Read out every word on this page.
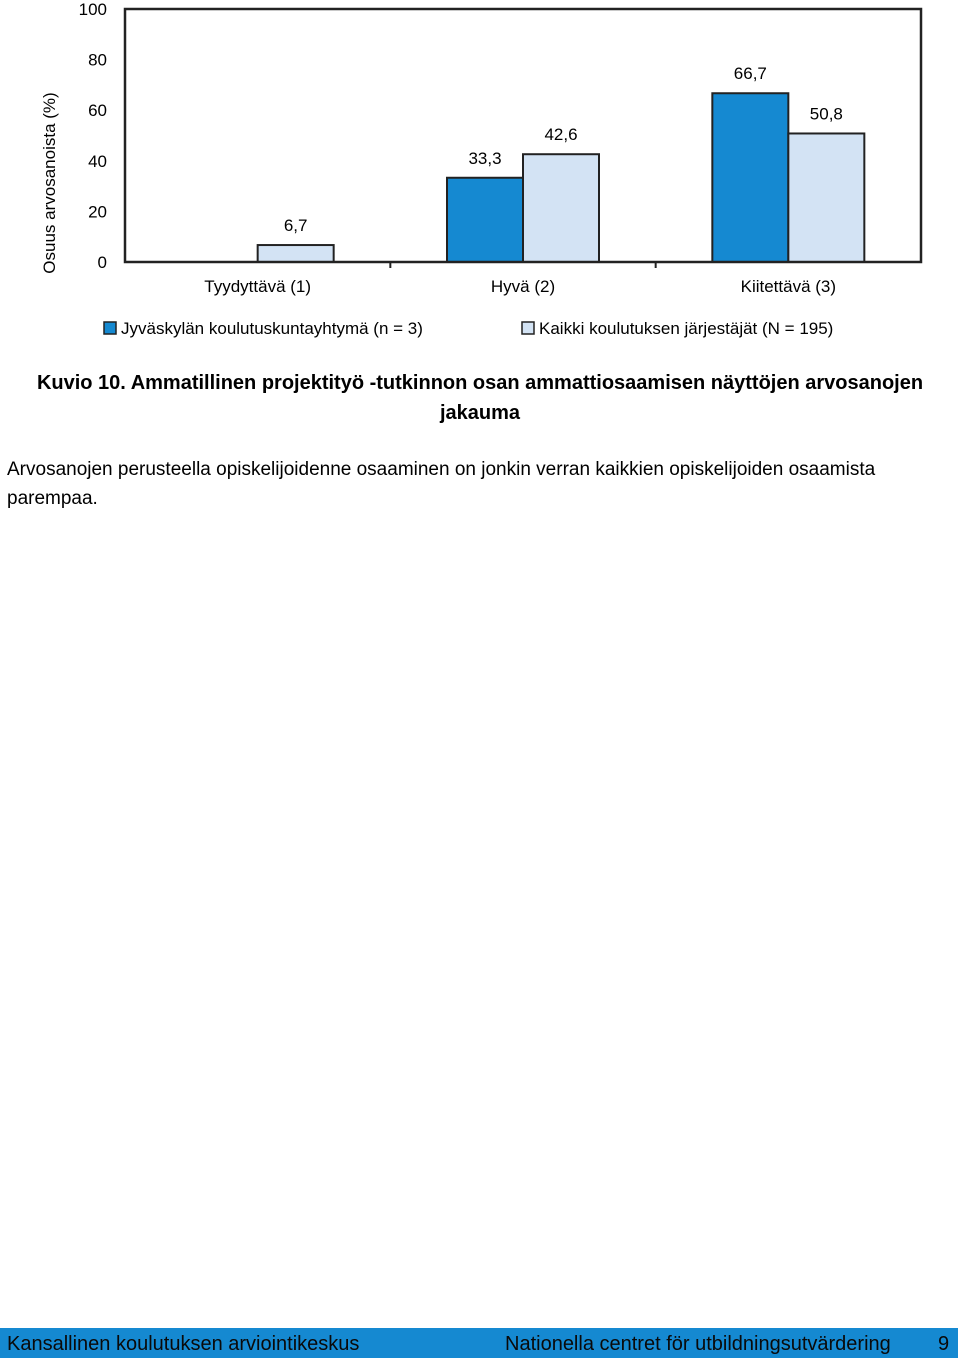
Osuus arvosanoista (%) 0
20
40
60
80
100
6,7
33,3
42,6
66,7
50,8
Tyydyttävä (1)	Hyvä (2)	Kiitettävä (3)
Jyväskylän koulutuskuntayhtymä (n = 3)	Kaikki koulutuksen järjestäjät (N = 195)
Kuvio 10. Ammatillinen projektityö -tutkinnon osan ammattiosaamisen näyttöjen arvosanojen jakauma
Arvosanojen perusteella opiskelijoidenne osaaminen on jonkin verran kaikkien opiskelijoiden osaamista parempaa.
Kansallinen koulutuksen arviointikeskus	Nationella centret för utbildningsutvärdering 9
